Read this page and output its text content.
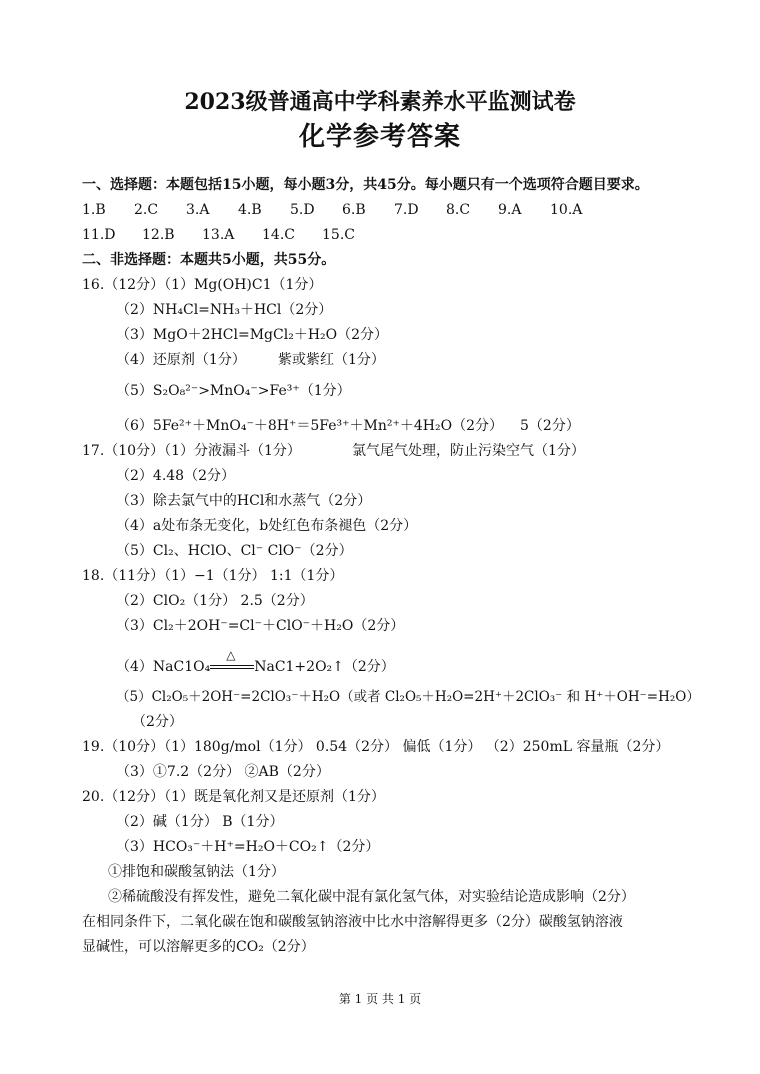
2023级普通高中学科素养水平监测试卷
化学参考答案
一、选择题：本题包括15小题，每小题3分，共45分。每小题只有一个选项符合题目要求。
1.B 2.C 3.A 4.B 5.D 6.B 7.D 8.C 9.A 10.A
11.D 12.B 13.A 14.C 15.C
二、非选择题：本题共5小题，共55分。
16.（12分）（1）Mg(OH)C1（1分）
（2）NH₄Cl=NH₃＋HCl（2分）
（3）MgO＋2HCl=MgCl₂＋H₂O（2分）
（4）还原剂（1分） 紫或紫红（1分）
（5）S₂O₈²⁻>MnO₄⁻>Fe³⁺（1分）
（6）5Fe²⁺＋MnO₄⁻＋8H⁺＝5Fe³⁺＋Mn²⁺＋4H₂O（2分） 5（2分）
17.（10分）（1）分液漏斗（1分）	氯气尾气处理，防止污染空气（1分）
（2）4.48（2分）
（3）除去氯气中的HCl和水蒸气（2分）
（4）a处布条无变化，b处红色布条褪色（2分）
（5）Cl₂、HClO、Cl⁻ ClO⁻（2分）
18.（11分）（1）−1（1分） 1:1（1分）
（2）ClO₂（1分） 2.5（2分）
（3）Cl₂＋2OH⁻=Cl⁻＋ClO⁻＋H₂O（2分）
（4）NaC1O₄
△
NaC1+2O₂↑（2分）
（5）Cl₂O₅＋2OH⁻=2ClO₃⁻＋H₂O（或者 Cl₂O₅＋H₂O=2H⁺＋2ClO₃⁻ 和 H⁺＋OH⁻=H₂O）
（2分）
19.（10分）（1）180g/mol（1分） 0.54（2分） 偏低（1分） （2）250mL 容量瓶（2分）
（3）①7.2（2分） ②AB（2分）
20.（12分）（1）既是氧化剂又是还原剂（1分）
（2）碱（1分） B（1分）
（3）HCO₃⁻＋H⁺=H₂O＋CO₂↑（2分）
①排饱和碳酸氢钠法（1分）
②稀硫酸没有挥发性，避免二氧化碳中混有氯化氢气体，对实验结论造成影响（2分）
在相同条件下，二氧化碳在饱和碳酸氢钠溶液中比水中溶解得更多（2分）碳酸氢钠溶液
显碱性，可以溶解更多的CO₂（2分）
第 1 页 共 1 页
